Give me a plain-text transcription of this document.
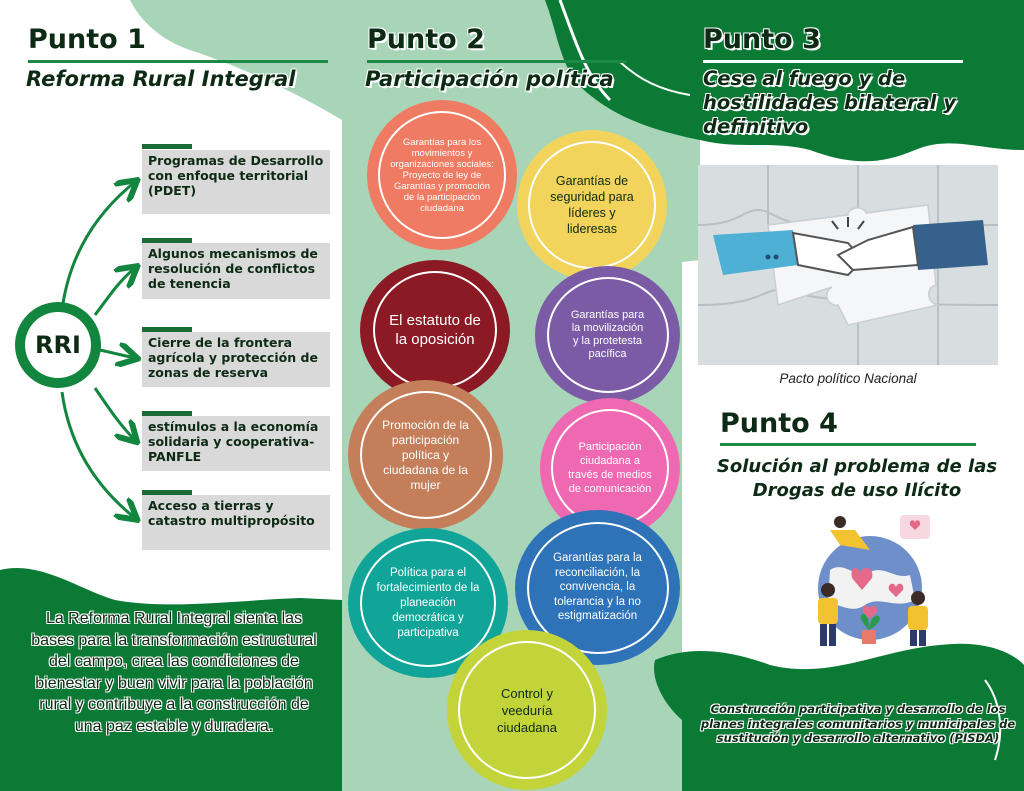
Punto 1
Reforma Rural Integral
RRI
Programas de Desarrollo con enfoque territorial (PDET)
Algunos mecanismos de resolución de conflictos de tenencia
Cierre de la frontera agrícola y protección de zonas de reserva
estímulos a la economía solidaria y cooperativa-PANFLE
Acceso a tierras y catastro multipropósito
La Reforma Rural Integral sienta las bases para la transformación estructural del campo, crea las condiciones de bienestar y buen vivir para la población rural y contribuye a la construcción de una paz estable y duradera.
Punto 2
Participación política
Garantías para los movimientos y organizaciones sociales: Proyecto de ley de Garantías y promoción de la participación ciudadana
Garantías de seguridad para líderes y lideresas
El estatuto de la oposición
Garantías para la movilización y la protetesta pacífica
Promoción de la participación política y ciudadana de la mujer
Participación ciudadana a través de medios de comunicación
Política para el fortalecimiento de la planeación democrática y participativa
Garantías para la reconciliación, la convivencia, la tolerancia y la no estigmatización
Control y veeduría ciudadana
Punto 3
Cese al fuego y de hostilidades bilateral y definitivo
Pacto político Nacional
Punto 4
Solución al problema de las Drogas de uso Ilícito
Construcción participativa y desarrollo de los planes integrales comunitarios y municipales de sustitución y desarrollo alternativo (PISDA)
